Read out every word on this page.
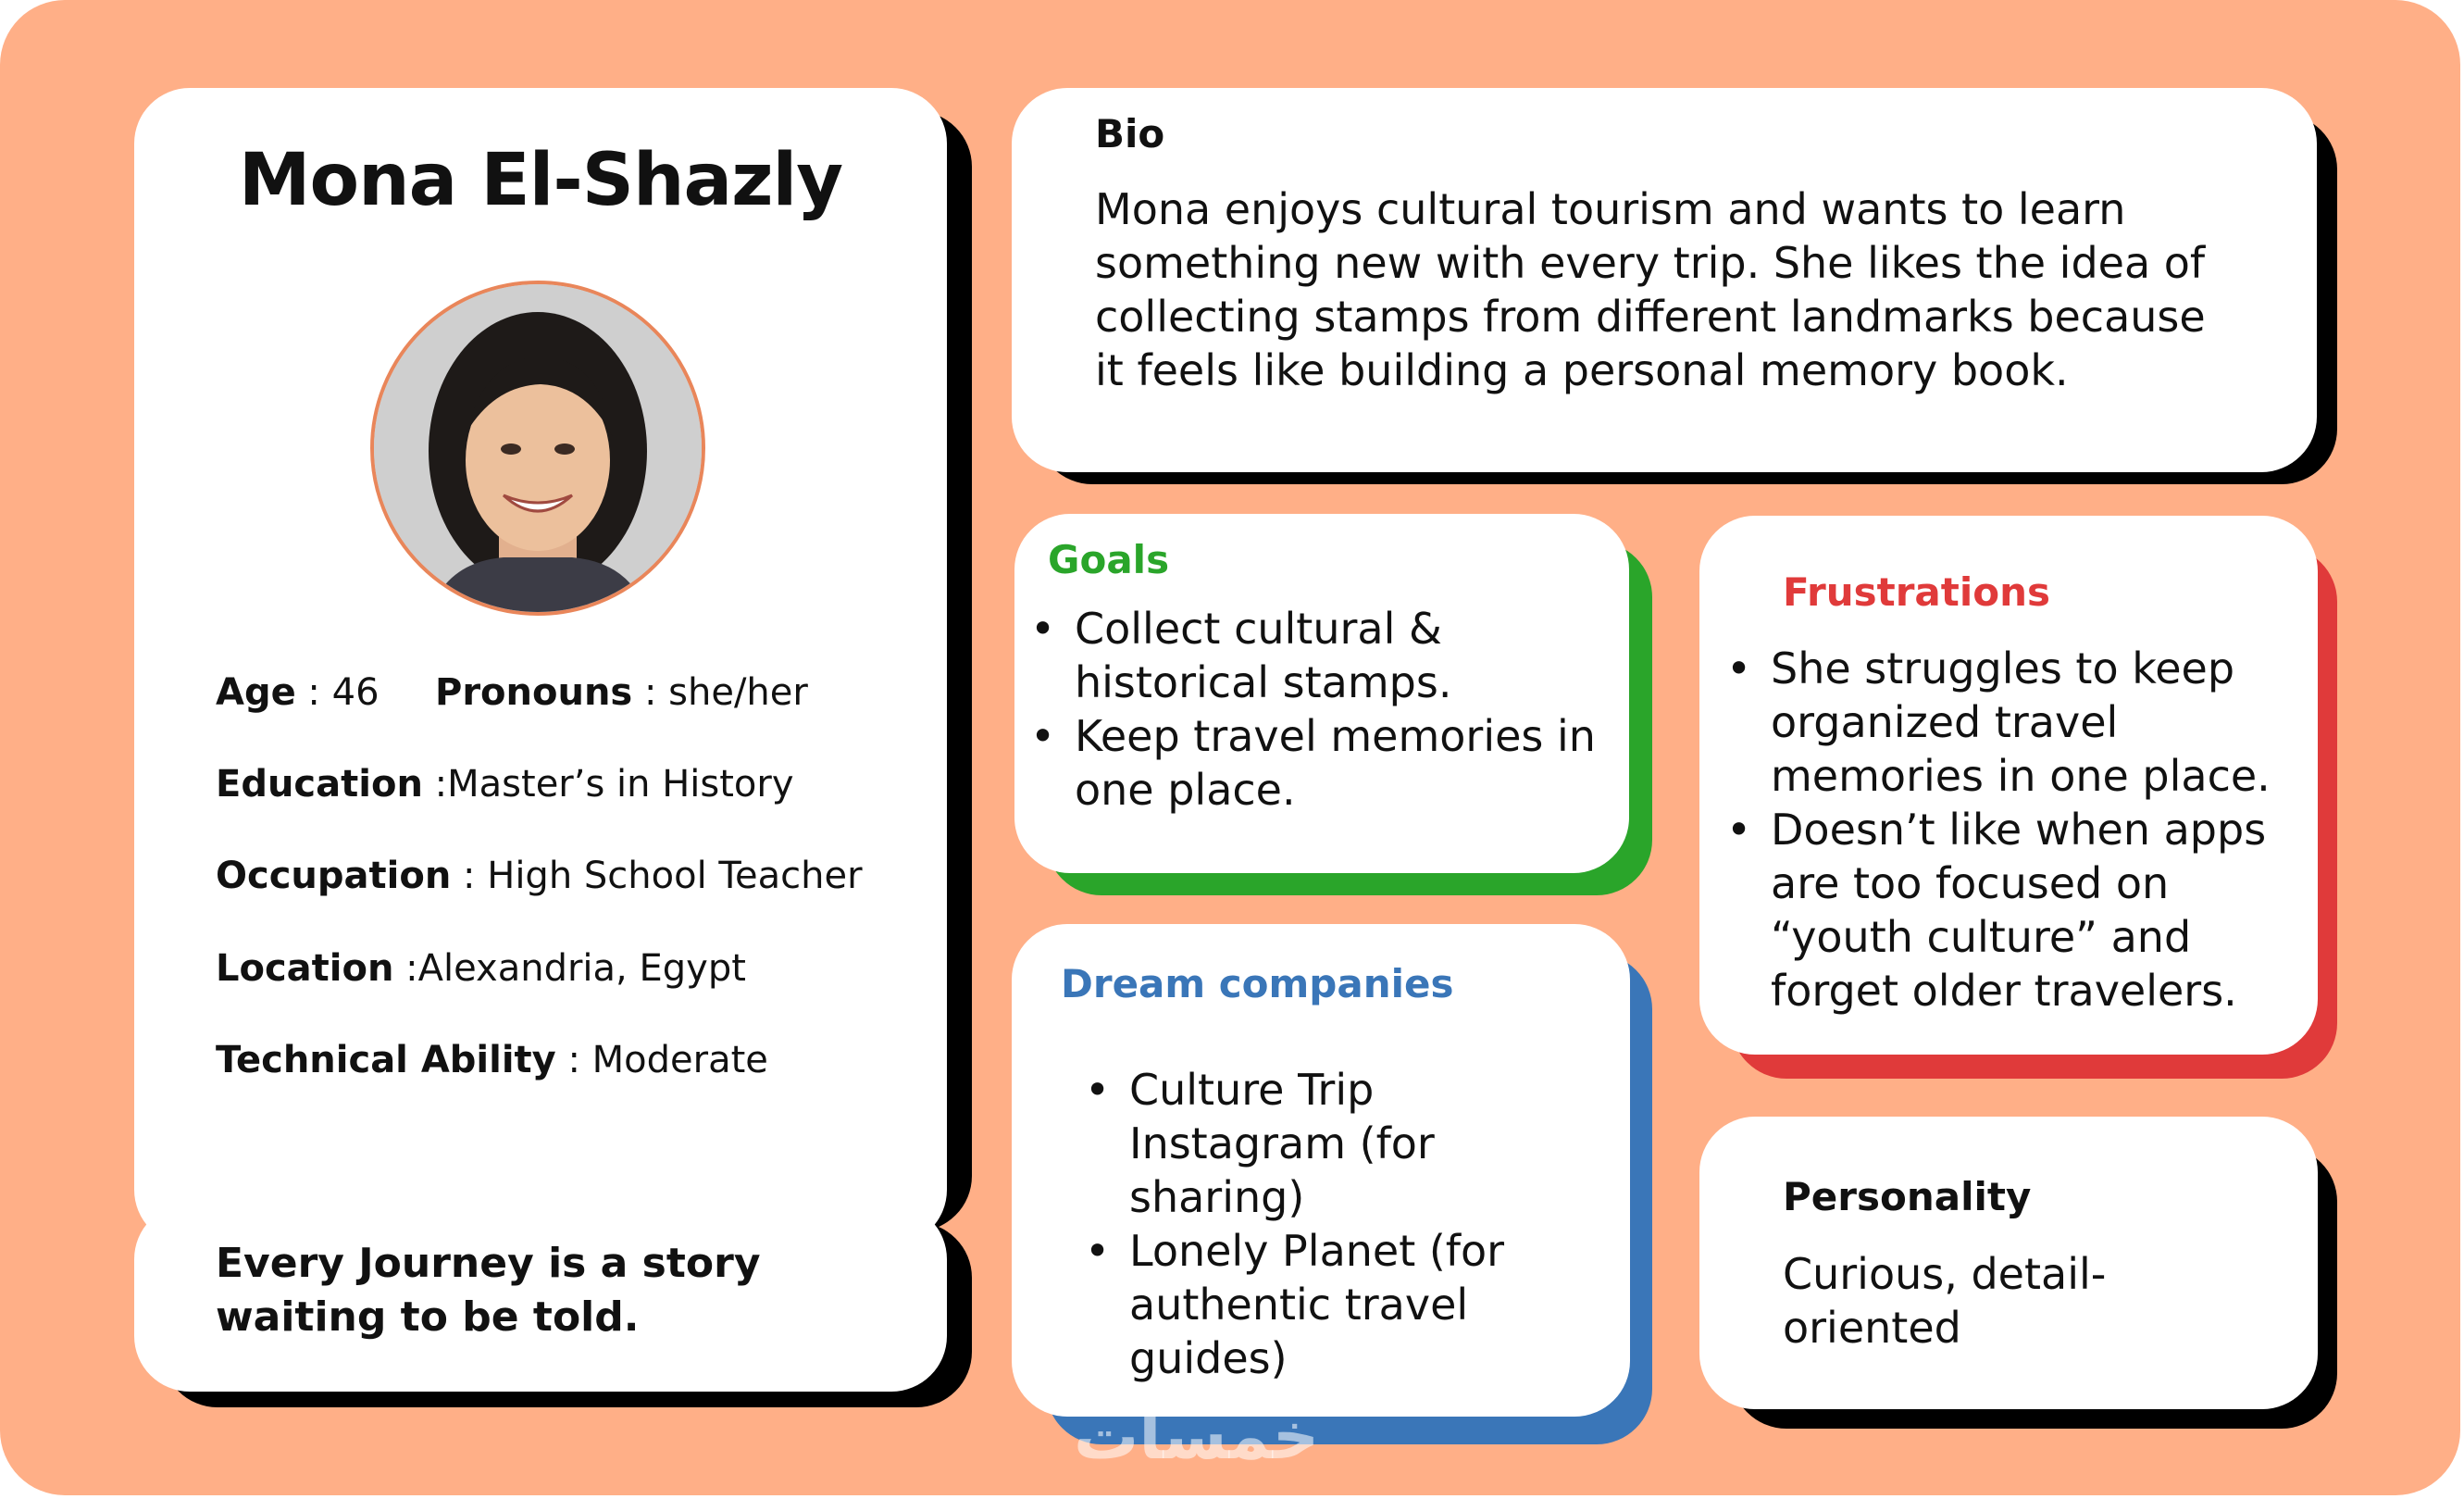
Mona El-Shazly
Age : 46 Pronouns : she/her
Education :Master’s in History
Occupation : High School Teacher
Location :Alexandria, Egypt
Technical Ability : Moderate
Every Journey is a story
waiting to be told.
Bio
Mona enjoys cultural tourism and wants to learn something new with every trip. She likes the idea of collecting stamps from different landmarks because it feels like building a personal memory book.
Goals
• Collect cultural & historical stamps.
• Keep travel memories in one place.
Dream companies
• Culture Trip Instagram (for sharing)
• Lonely Planet (for authentic travel guides)
Frustrations
• She struggles to keep organized travel memories in one place.
• Doesn’t like when apps are too focused on “youth culture” and forget older travelers.
Personality
Curious, detail-oriented
خمسات
